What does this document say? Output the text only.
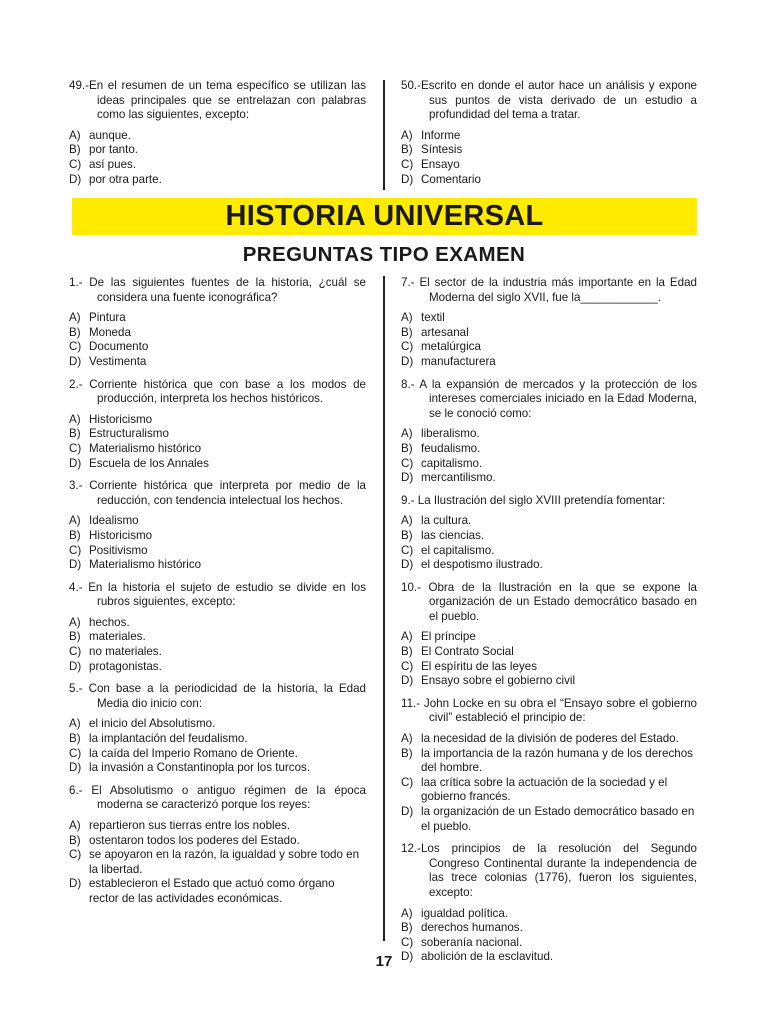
49.-En el resumen de un tema específico se utilizan las ideas principales que se entrelazan con palabras como las siguientes, excepto:

A) aunque.

B) por tanto.

C) así pues.

D) por otra parte.

50.-Escrito en donde el autor hace un análisis y expone sus puntos de vista derivado de un estudio a profundidad del tema a tratar.

A) Informe

B) Síntesis

C) Ensayo

D) Comentario

HISTORIA UNIVERSAL
PREGUNTAS TIPO EXAMEN

1.- De las siguientes fuentes de la historia, ¿cuál se considera una fuente iconográfica?

A) Pintura

B) Moneda

C) Documento

D) Vestimenta

2.- Corriente histórica que con base a los modos de producción, interpreta los hechos históricos.

A) Historicismo

B) Estructuralismo

C) Materialismo histórico

D) Escuela de los Annales

3.- Corriente histórica que interpreta por medio de la reducción, con tendencia intelectual los hechos.

A) Idealismo

B) Historicismo

C) Positivismo

D) Materialismo histórico

4.- En la historia el sujeto de estudio se divide en los rubros siguientes, excepto:

A) hechos.

B) materiales.

C) no materiales.

D) protagonistas.

5.- Con base a la periodicidad de la historia, la Edad Media dio inicio con:

A) el inicio del Absolutismo.

B) la implantación del feudalismo.

C) la caída del Imperio Romano de Oriente.

D) la invasión a Constantinopla por los turcos.

6.- El Absolutismo o antiguo régimen de la época moderna se caracterizó porque los reyes:

A) repartieron sus tierras entre los nobles.

B) ostentaron todos los poderes del Estado.

C) se apoyaron en la razón, la igualdad y sobre todo en la libertad.

D) establecieron el Estado que actuó como órgano rector de las actividades económicas.

7.- El sector de la industria más importante en la Edad Moderna del siglo XVII, fue la____________.

A) textil

B) artesanal

C) metalúrgica

D) manufacturera

8.- A la expansión de mercados y la protección de los intereses comerciales iniciado en la Edad Moderna, se le conoció como:

A) liberalismo.

B) feudalismo.

C) capitalismo.

D) mercantilismo.

9.- La Ilustración del siglo XVIII pretendía fomentar:

A) la cultura.

B) las ciencias.

C) el capitalismo.

D) el despotismo ilustrado.

10.- Obra de la Ilustración en la que se expone la organización de un Estado democrático basado en el pueblo.

A) El príncipe

B) El Contrato Social

C) El espíritu de las leyes

D) Ensayo sobre el gobierno civil

11.- John Locke en su obra el “Ensayo sobre el gobierno civil” estableció el principio de:

A) la necesidad de la división de poderes del Estado.

B) la importancia de la razón humana y de los derechos del hombre.

C) laa crítica sobre la actuación de la sociedad y el gobierno francés.

D) la organización de un Estado democrático basado en el pueblo.

12.-Los principios de la resolución del Segundo Congreso Continental durante la independencia de las trece colonias (1776), fueron los siguientes, excepto:

A) igualdad política.

B) derechos humanos.

C) soberanía nacional.

D) abolición de la esclavitud.

17
